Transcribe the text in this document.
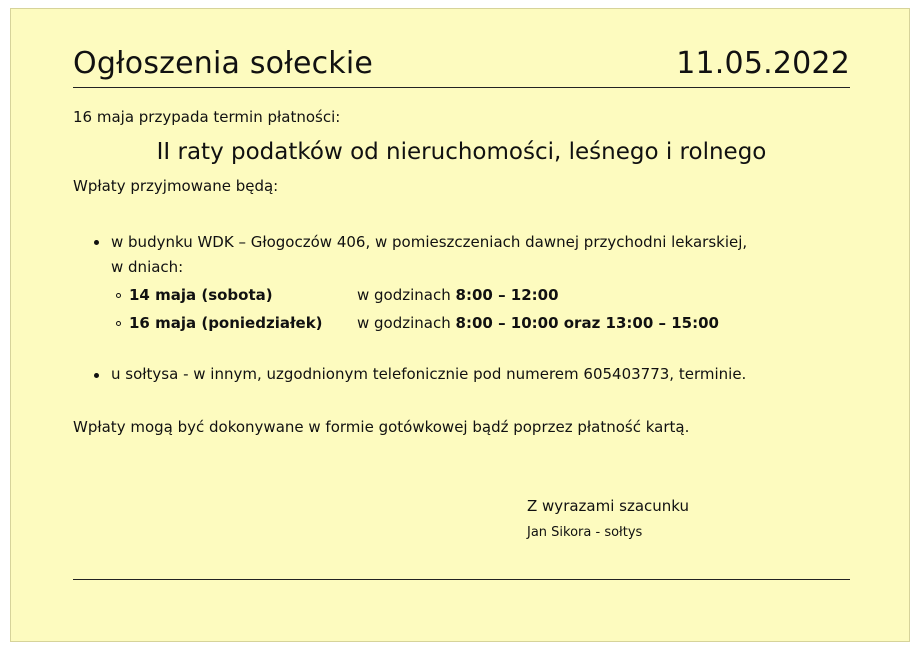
Ogłoszenia sołeckie	11.05.2022
16 maja przypada termin płatności:
II raty podatków od nieruchomości, leśnego i rolnego
Wpłaty przyjmowane będą:
w budynku WDK – Głogoczów 406, w pomieszczeniach dawnej przychodni lekarskiej,
w dniach:
14 maja (sobota)	w godzinach 8:00 – 12:00
16 maja (poniedziałek) w godzinach 8:00 – 10:00 oraz 13:00 – 15:00
u sołtysa - w innym, uzgodnionym telefonicznie pod numerem 605403773, terminie.
Wpłaty mogą być dokonywane w formie gotówkowej bądź poprzez płatność kartą.
Z wyrazami szacunku
Jan Sikora - sołtys
